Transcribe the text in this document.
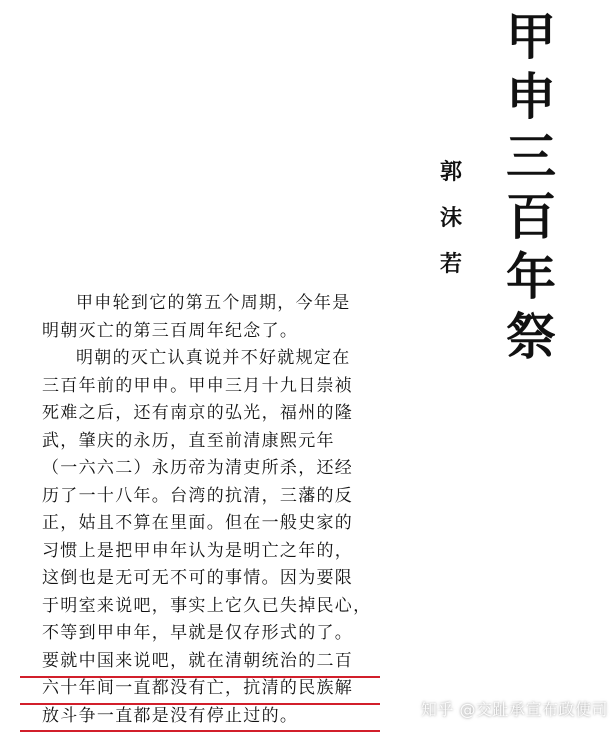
甲
申
三
百
年
祭
郭
沫
若
甲申轮到它的第五个周期，今年是
明朝灭亡的第三百周年纪念了。
明朝的灭亡认真说并不好就规定在
三百年前的甲申。甲申三月十九日崇祯
死难之后，还有南京的弘光，福州的隆
武，肇庆的永历，直至前清康熙元年
（一六六二）永历帝为清吏所杀，还经
历了一十八年。台湾的抗清，三藩的反
正，姑且不算在里面。但在一般史家的
习惯上是把甲申年认为是明亡之年的，
这倒也是无可无不可的事情。因为要限
于明室来说吧，事实上它久已失掉民心，
不等到甲申年，早就是仅存形式的了。
要就中国来说吧，就在清朝统治的二百
六十年间一直都没有亡，抗清的民族解
放斗争一直都是没有停止过的。	知乎 @交趾承宣布政使司
